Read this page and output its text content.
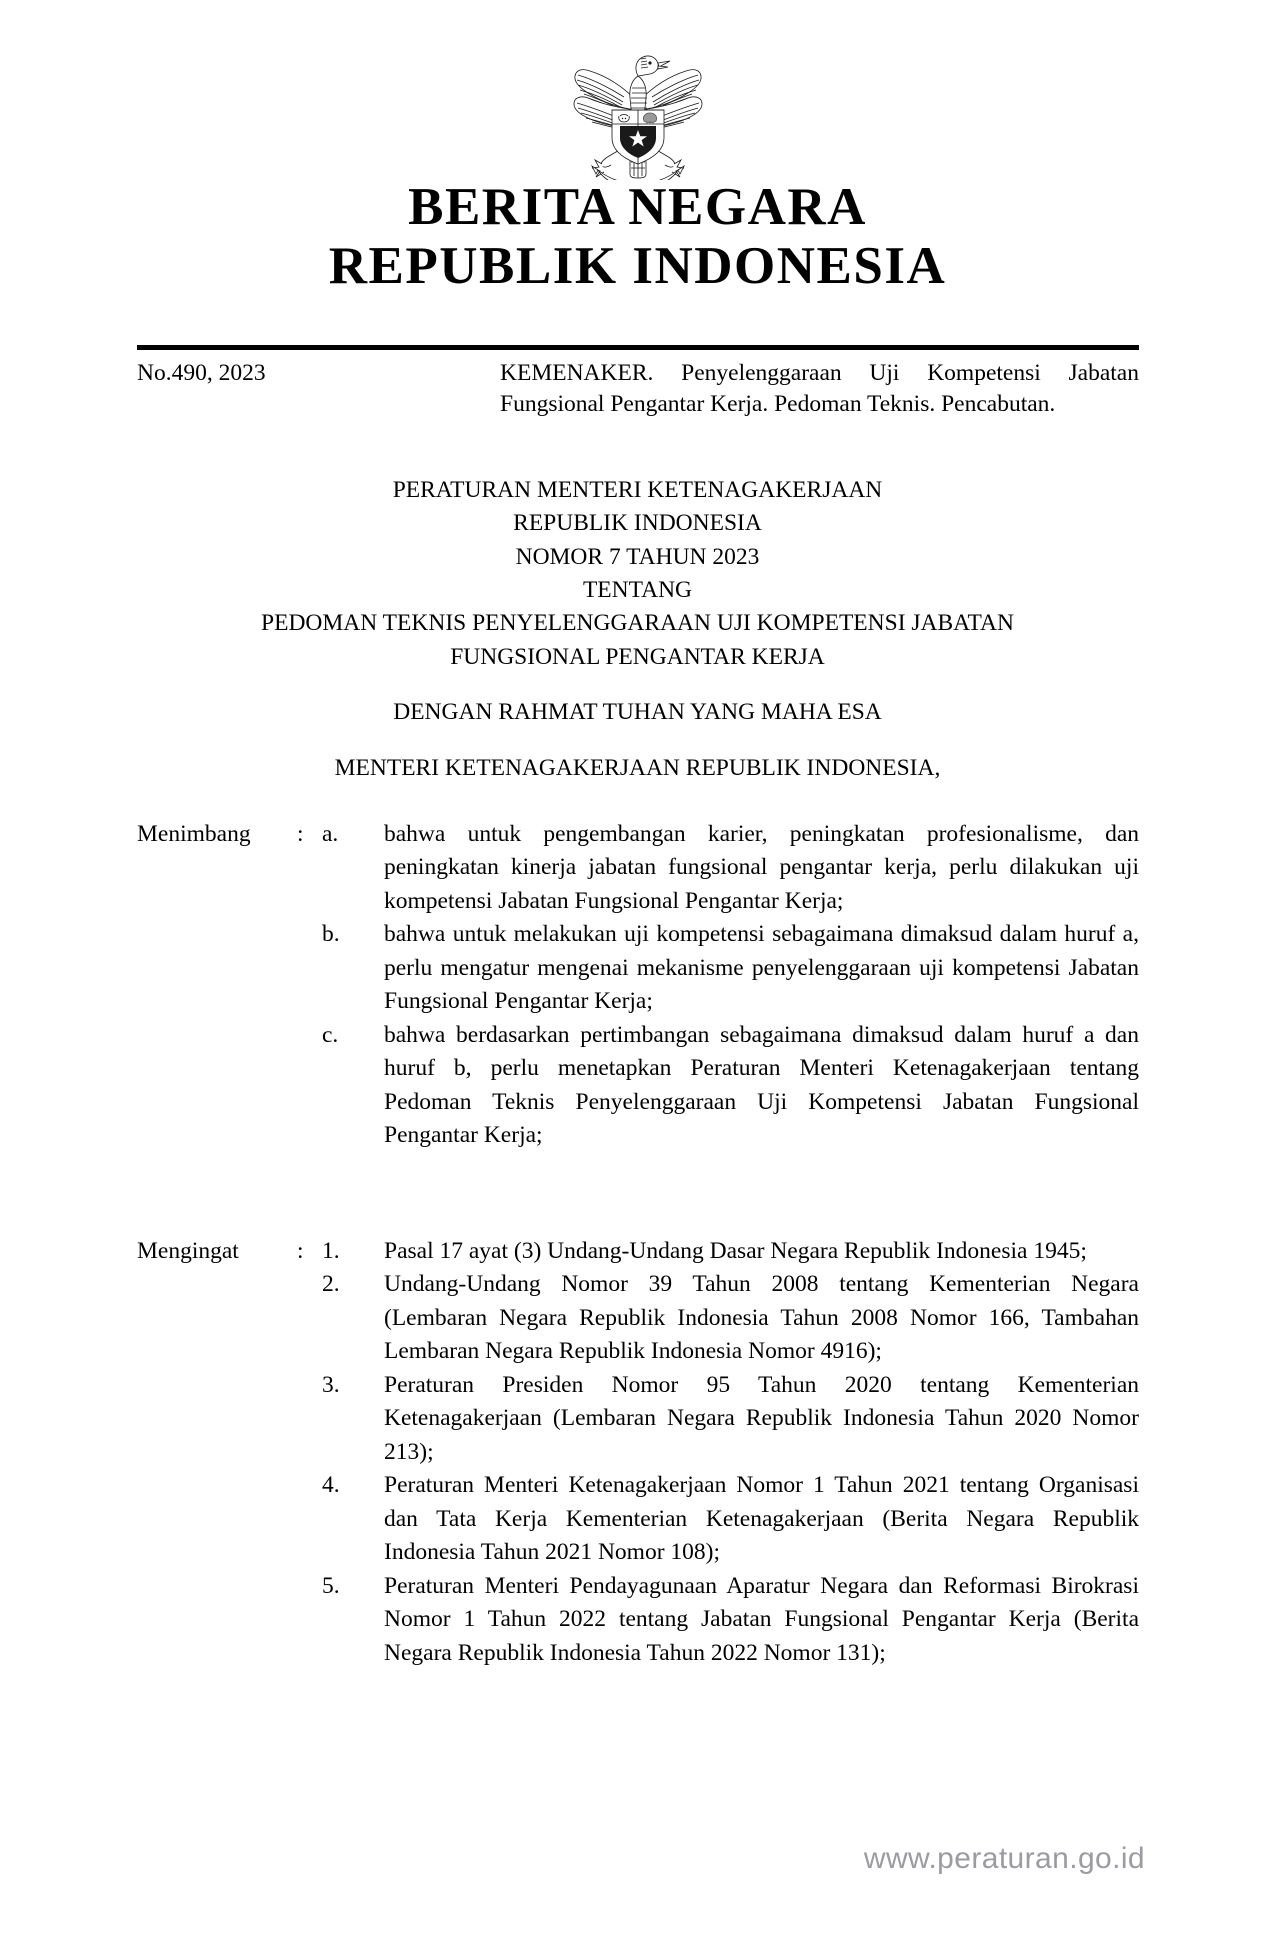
BERITA NEGARA
REPUBLIK INDONESIA
No.490, 2023	KEMENAKER. Penyelenggaraan Uji Kompetensi Jabatan Fungsional Pengantar Kerja. Pedoman Teknis. Pencabutan.
PERATURAN MENTERI KETENAGAKERJAAN
REPUBLIK INDONESIA
NOMOR 7 TAHUN 2023
TENTANG
PEDOMAN TEKNIS PENYELENGGARAAN UJI KOMPETENSI JABATAN
FUNGSIONAL PENGANTAR KERJA
DENGAN RAHMAT TUHAN YANG MAHA ESA
MENTERI KETENAGAKERJAAN REPUBLIK INDONESIA,
Menimbang	: a.	bahwa untuk pengembangan karier, peningkatan profesionalisme, dan peningkatan kinerja jabatan fungsional pengantar kerja, perlu dilakukan uji kompetensi Jabatan Fungsional Pengantar Kerja;
b.	bahwa untuk melakukan uji kompetensi sebagaimana dimaksud dalam huruf a, perlu mengatur mengenai mekanisme penyelenggaraan uji kompetensi Jabatan Fungsional Pengantar Kerja;
c.	bahwa berdasarkan pertimbangan sebagaimana dimaksud dalam huruf a dan huruf b, perlu menetapkan Peraturan Menteri Ketenagakerjaan tentang Pedoman Teknis Penyelenggaraan Uji Kompetensi Jabatan Fungsional Pengantar Kerja;
Mengingat	: 1.	Pasal 17 ayat (3) Undang-Undang Dasar Negara Republik Indonesia 1945;
2.	Undang-Undang Nomor 39 Tahun 2008 tentang Kementerian Negara (Lembaran Negara Republik Indonesia Tahun 2008 Nomor 166, Tambahan Lembaran Negara Republik Indonesia Nomor 4916);
3.	Peraturan Presiden Nomor 95 Tahun 2020 tentang Kementerian Ketenagakerjaan (Lembaran Negara Republik Indonesia Tahun 2020 Nomor 213);
4.	Peraturan Menteri Ketenagakerjaan Nomor 1 Tahun 2021 tentang Organisasi dan Tata Kerja Kementerian Ketenagakerjaan (Berita Negara Republik Indonesia Tahun 2021 Nomor 108);
5.	Peraturan Menteri Pendayagunaan Aparatur Negara dan Reformasi Birokrasi Nomor 1 Tahun 2022 tentang Jabatan Fungsional Pengantar Kerja (Berita Negara Republik Indonesia Tahun 2022 Nomor 131);
www.peraturan.go.id
